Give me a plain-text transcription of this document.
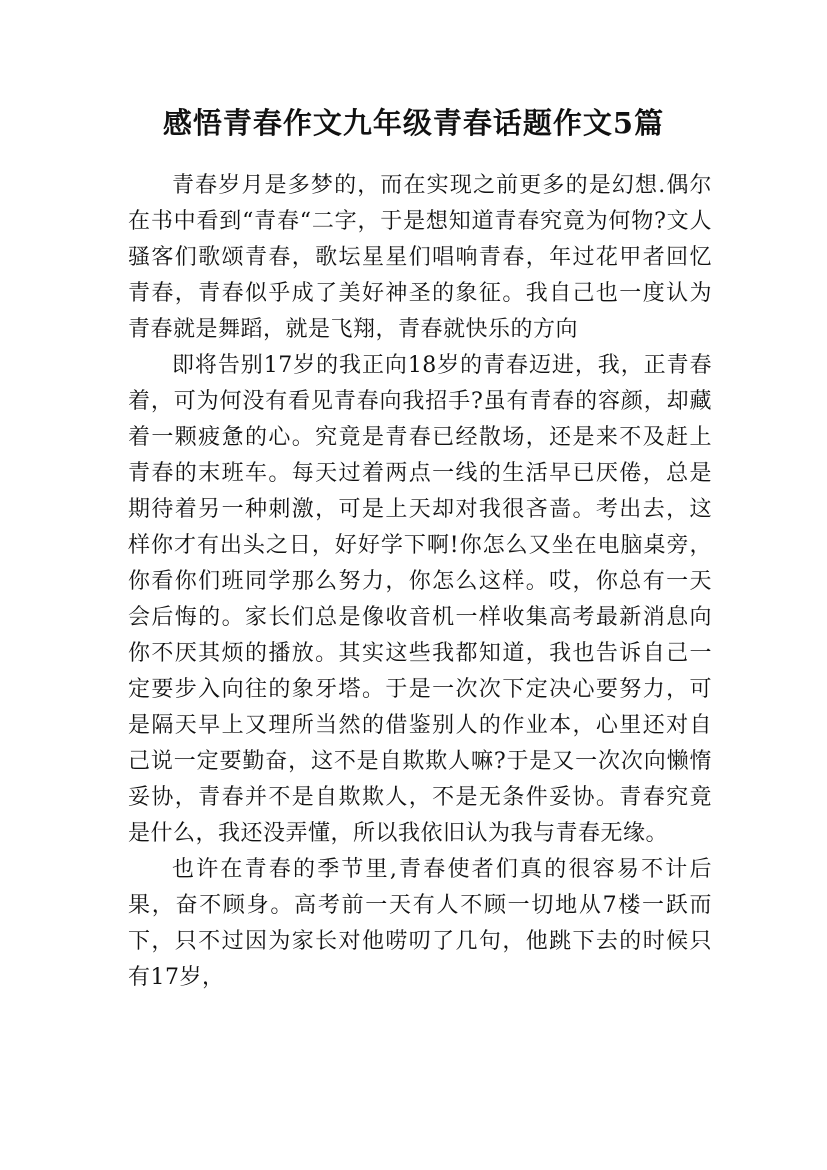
感悟青春作文九年级青春话题作文5篇

青春岁月是多梦的，而在实现之前更多的是幻想.偶尔在书中看到“青春“二字，于是想知道青春究竟为何物?文人骚客们歌颂青春，歌坛星星们唱响青春，年过花甲者回忆青春，青春似乎成了美好神圣的象征。我自己也一度认为青春就是舞蹈，就是飞翔，青春就快乐的方向

即将告别17岁的我正向18岁的青春迈进，我，正青春着，可为何没有看见青春向我招手?虽有青春的容颜，却藏着一颗疲惫的心。究竟是青春已经散场，还是来不及赶上青春的末班车。每天过着两点一线的生活早已厌倦，总是期待着另一种刺激，可是上天却对我很吝啬。考出去，这样你才有出头之日，好好学下啊!你怎么又坐在电脑桌旁，你看你们班同学那么努力，你怎么这样。哎，你总有一天会后悔的。家长们总是像收音机一样收集高考最新消息向你不厌其烦的播放。其实这些我都知道，我也告诉自己一定要步入向往的象牙塔。于是一次次下定决心要努力，可是隔天早上又理所当然的借鉴别人的作业本，心里还对自己说一定要勤奋，这不是自欺欺人嘛?于是又一次次向懒惰妥协，青春并不是自欺欺人，不是无条件妥协。青春究竟是什么，我还没弄懂，所以我依旧认为我与青春无缘。

也许在青春的季节里,青春使者们真的很容易不计后果，奋不顾身。高考前一天有人不顾一切地从7楼一跃而下，只不过因为家长对他唠叨了几句，他跳下去的时候只有17岁，
